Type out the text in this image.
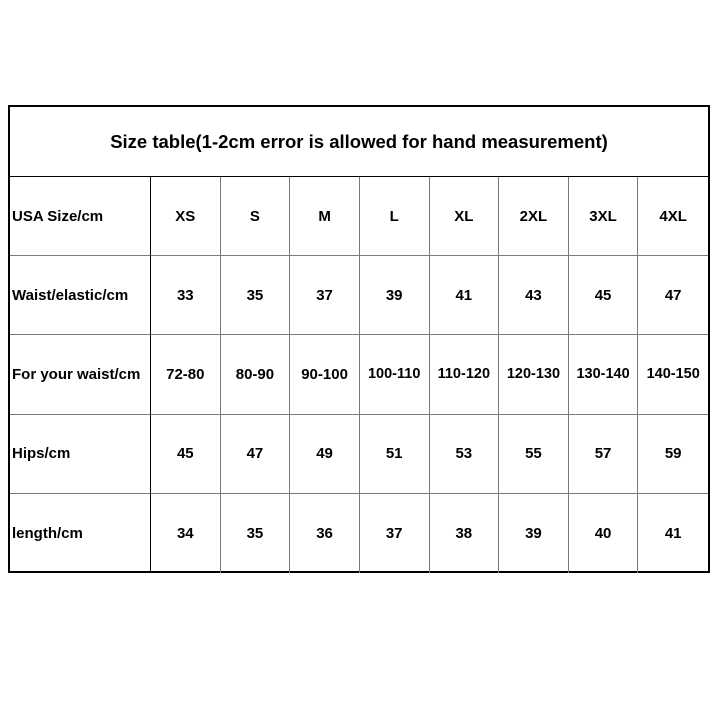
Size table(1-2cm error is allowed for hand measurement)
USA Size/cm	XS	S	M	L	XL	2XL	3XL	4XL
Waist/elastic/cm	33	35	37	39	41	43	45	47
For your waist/cm	72-80	80-90	90-100	100-110	110-120	120-130	130-140	140-150
Hips/cm	45	47	49	51	53	55	57	59
length/cm	34	35	36	37	38	39	40	41
